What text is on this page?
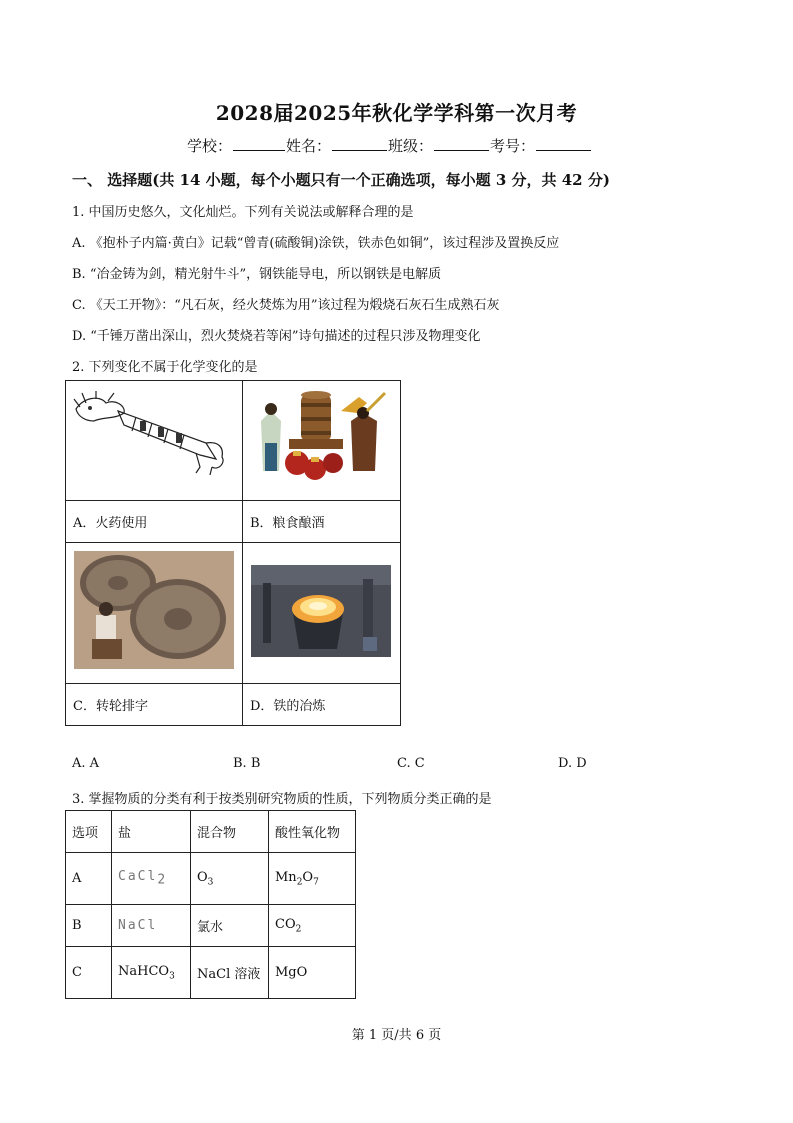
2028届2025年秋化学学科第一次月考
学校：	姓名：	班级：	考号：
一、 选择题(共 14 小题，每个小题只有一个正确选项，每小题 3 分，共 42 分)
1. 中国历史悠久，文化灿烂。下列有关说法或解释合理的是
A. 《抱朴子内篇·黄白》记载“曾青(硫酸铜)涂铁，铁赤色如铜”，该过程涉及置换反应
B. “冶金铸为剑，精光射牛斗”，钢铁能导电，所以钢铁是电解质
C. 《天工开物》：“凡石灰，经火焚炼为用”该过程为煅烧石灰石生成熟石灰
D. “千锤万凿出深山，烈火焚烧若等闲”诗句描述的过程只涉及物理变化
2. 下列变化不属于化学变化的是

A．火药使用	B．粮食酿酒

C．转轮排字	D．铁的冶炼
A. A	B. B	C. C	D. D
3. 掌握物质的分类有利于按类别研究物质的性质，下列物质分类正确的是
选项	盐	混合物	酸性氧化物
A	CaCl2	$O_3$	$Mn_2O_7$
B	NaCl	氯水	$CO_2$
C	NaHCO$_3$	NaCl 溶液	MgO
第 1 页/共 6 页
